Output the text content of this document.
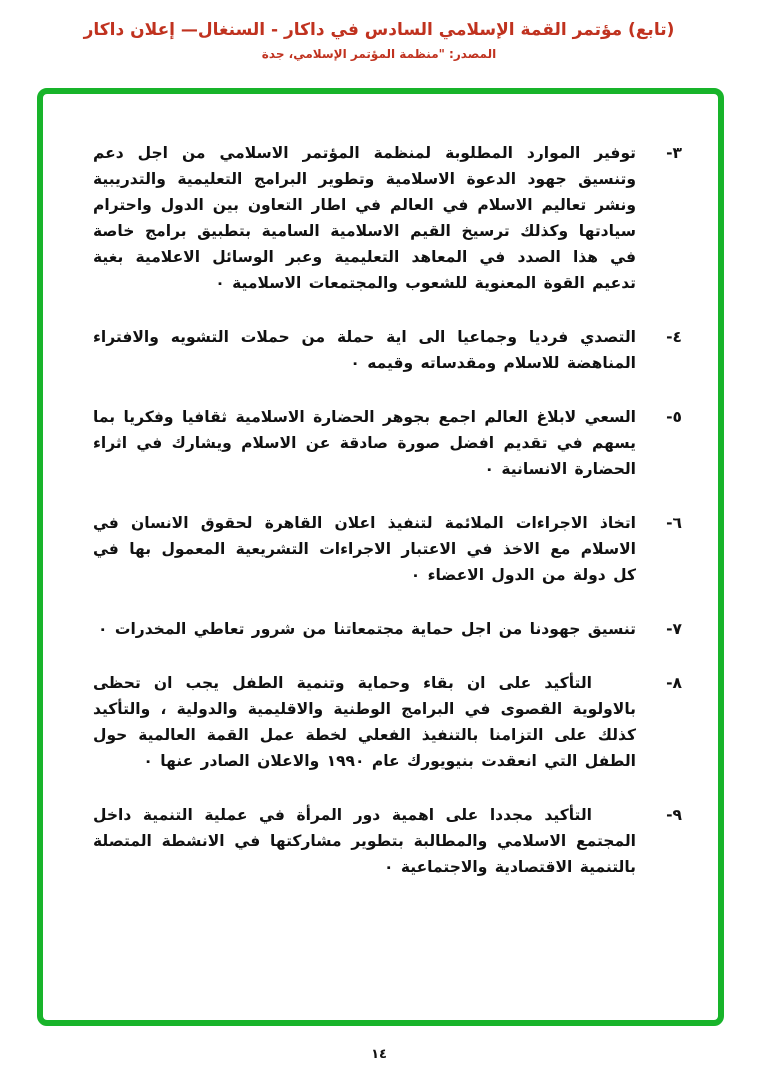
(تابع) مؤتمر القمة الإسلامي السادس في داكار - السنغال— إعلان داكار
المصدر: "منظمة المؤتمر الإسلامي، جدة
٣-
توفير الموارد المطلوبة لمنظمة المؤتمر الاسلامي من اجل دعم وتنسيق جهود الدعوة الاسلامية وتطوير البرامج التعليمية والتدريبية ونشر تعاليم الاسلام في العالم في اطار التعاون بين الدول واحترام سيادتها وكذلك ترسيخ القيم الاسلامية السامية بتطبيق برامج خاصة في هذا الصدد في المعاهد التعليمية وعبر الوسائل الاعلامية بغية تدعيم القوة المعنوية للشعوب والمجتمعات الاسلامية ٠
٤-
التصدي فرديا وجماعيا الى اية حملة من حملات التشويه والافتراء المناهضة للاسلام ومقدساته وقيمه ٠
٥-
السعي لابلاغ العالم اجمع بجوهر الحضارة الاسلامية ثقافيا وفكريا بما يسهم في تقديم افضل صورة صادقة عن الاسلام ويشارك في اثراء الحضارة الانسانية ٠
٦-
اتخاذ الاجراءات الملائمة لتنفيذ اعلان القاهرة لحقوق الانسان في الاسلام مع الاخذ في الاعتبار الاجراءات التشريعية المعمول بها في كل دولة من الدول الاعضاء ٠
٧-
تنسيق جهودنا من اجل حماية مجتمعاتنا من شرور تعاطي المخدرات ٠
٨-
التأكيد على ان بقاء وحماية وتنمية الطفل يجب ان تحظى بالاولوية القصوى في البرامج الوطنية والاقليمية والدولية ، والتأكيد كذلك على التزامنا بالتنفيذ الفعلي لخطة عمل القمة العالمية حول الطفل التي انعقدت بنيويورك عام ١٩٩٠ والاعلان الصادر عنها ٠
٩-
التأكيد مجددا على اهمية دور المرأة في عملية التنمية داخل المجتمع الاسلامي والمطالبة بتطوير مشاركتها في الانشطة المتصلة بالتنمية الاقتصادية والاجتماعية ٠
١٤
